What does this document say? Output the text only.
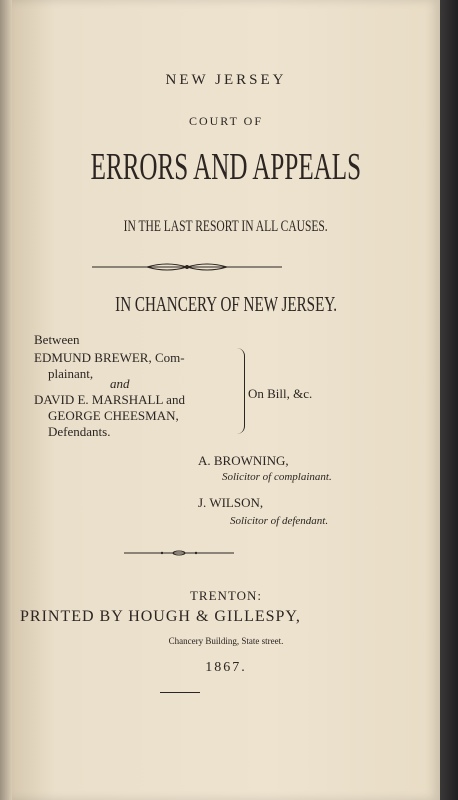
NEW JERSEY
COURT OF
ERRORS AND APPEALS
IN THE LAST RESORT IN ALL CAUSES.
IN CHANCERY OF NEW JERSEY.
Between
EDMUND BREWER, Com-
plainant,
and
DAVID E. MARSHALL and
GEORGE CHEESMAN,
Defendants.
On Bill, &c.
A. BROWNING,
Solicitor of complainant.
J. WILSON,
Solicitor of defendant.
TRENTON:
PRINTED BY HOUGH & GILLESPY,
Chancery Building, State street.
1867.
